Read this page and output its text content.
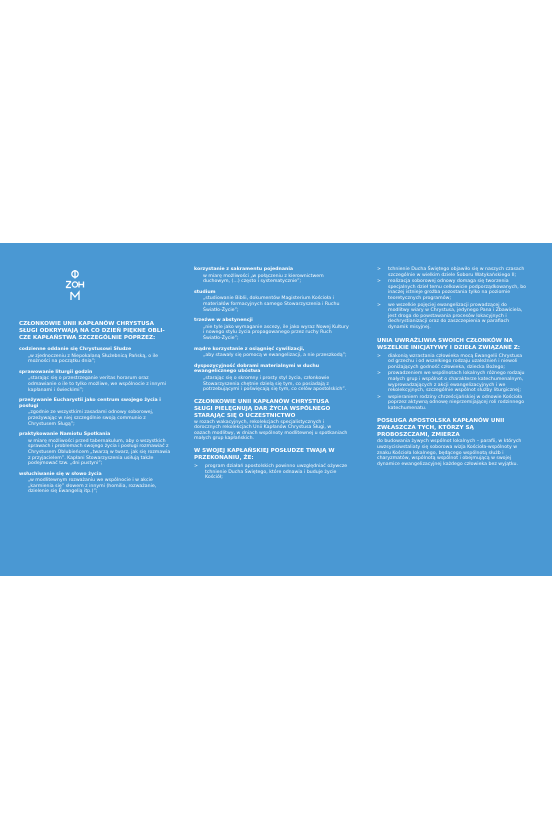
CZŁONKOWIE UNII KAPŁANÓW CHRYSTUSA SŁUGI ODKRYWAJĄ NA CO DZIEŃ PIĘKNE OBLI-CZE KAPŁAŃSTWA SZCZEGÓLNIE POPRZEZ:

codzienne oddanie się Chrystusowi Słudze

„w zjednoczeniu z Niepokalaną Służebnicą Pańską, o ile możności na początku dnia”;

sprawowanie liturgii godzin

„starając się o przestrzeganie veritas horarum oraz odmawianie o ile to tylko możliwe, we wspólnocie z innymi kapłanami i świeckimi”;

przeżywanie Eucharystii jako centrum swojego życia i posługi

„zgodnie ze wszystkimi zasadami odnowy soborowej, przeżywając w niej szczególnie swoją communio z Chrystusem Sługą”;

praktykowanie Namiotu Spotkania

w miarę możliwości przed tabernakulum, aby o wszystkich sprawach i problemach swojego życia i posługi rozmawiać z Chrystusem Oblubieńcem „twarzą w twarz, jak się rozmawia z przyjacielem”. Kapłani Stowarzyszenia usiłują także podejmować tzw. „dni pustyni”;

wsłuchiwanie się w słowo życia

„w modlitewnym rozważaniu we wspólnocie i w akcie „karmienia się” słowem z innymi (homilia, rozważanie, dzielenie się Ewangelią itp.)”;

korzystanie z sakramentu pojednania

w miarę możliwości „w połączeniu z kierownictwem duchowym, (...) często i systematycznie”;

studium

„studiowanie Biblii, dokumentów Magisterium Kościoła i materiałów formacyjnych samego Stowarzyszenia i Ruchu Światło-Życie”;

trzeźwe w abstynencji

„nie tyle jako wymaganie ascezy, ile jako wyraz Nowej Kultury i nowego stylu życia propagowanego przez ruchy Ruch Światło-Życie”;

mądre korzystanie z osiągnięć cywilizacji,

„aby stawały się pomocą w ewangelizacji, a nie przeszkodą”;

dyspozycyjność dobrami materialnymi w duchu ewangelicznego ubóstwa

„starając się o skromny i prosty styl życia, członkowie Stowarzyszenia chętnie dzielą się tym, co posiadają z potrzebującymi i poświęcają się tym, co celów apostolskich”.

CZŁONKOWIE UNII KAPŁANÓW CHRYSTUSA SŁUGI PIELĘGNUJĄ DAR ŻYCIA WSPÓLNEGO STARAJĄC SIĘ O UCZESTNICTWO

w rozach wakacyjnych, rekolekcjach specjalistycznych i dorocznych rekolekcjach Unii Kapłanów Chrystusa Sługi, w oazach modlitwy, w dniach wspólnoty modlitewnej u spotkaniach małych grup kapłańskich.

W SWOJEJ KAPŁAŃSKIEJ POSŁUDZE TWAJĄ W PRZEKONANIU, ŻE:

> program działań apostolskich powinno uwzględniać ożywcze tchnienie Ducha Świętego, które odnawia i buduje życie Kościół;
> tchnienie Ducha Świętego objawiło się w naszych czasach szczególnie w wielkim dziele Soboru Watykańskiego II;
> realizacja soborowej odnowy domaga się tworzenia specjalnych dzieł temu celkowicie podporządkowanych, bo inaczej istnieje groźba pozostania tylko na poziomie teoretycznych programów;
> we wszelkie pojęciej ewangelizacji prowadzącej do modlitwy wiary w Chrystusa, jedynego Pana i Zbawiciela, jest droga do powstawania procesów lokacyjnych i dechrystianizacji oraz do zaszczepienia w parafiach dynamik misyjnej.

UNIA UWRAŻLIWIA SWOICH CZŁONKÓW NA WSZELKIE INICJATYWY I DZIEŁA ZWIĄZANE Z:

> diakonią wzrastania człowieka mocą Ewangelii Chrystusa od grzechu i od wszelkiego rodzaju uzależnień i niewoli poniżających godność człowieka, dziecka Bożego;
> prowadzeniem we wspólnotach lokalnych różnego rodzaju małych grup i wspólnot o charakterze katechumenalnym, wyprowadzających z akcji ewangelizacyjnych i we rekolekcyjnych, szczególnie wspólnot służby liturgicznej;
> wspieraniem rodziny chrześcijańskiej w odnowie Kościoła poprzez aktywną odnowę nieprzemijającej roli rodzinnego katechumenatu.

POSŁUGA APOSTOLSKA KAPŁANÓW UNII ZWŁASZCZA TYCH, KTÓRZY SĄ PROBOSZCZAMI, ZMIERZA

do budowania żywych wspólnot lokalnych – parafii, w których uwzsycisiwstaliaty się soborowa wizja Kościoła-wspólnoty w znaku Kościoła lokalnego, będącego wspólnotą służb i charyzmatów, wspólnotą wspólnot i obejmującą w swojej dynamice ewangelizacyjnej każdego człowieka bez wyjątku.
